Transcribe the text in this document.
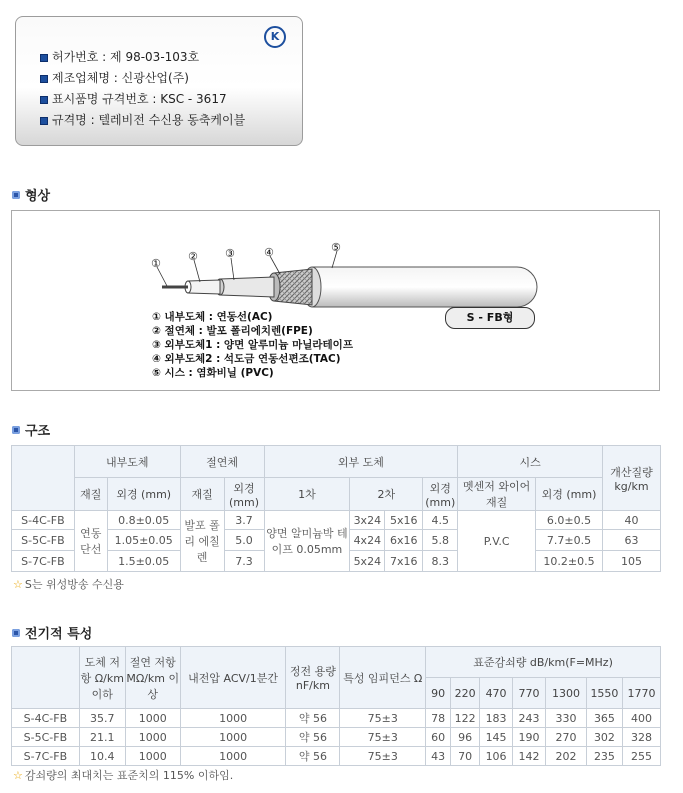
K
허가번호 : 제 98-03-103호
제조업체명 : 신광산업(주)
표시품명 규격번호 : KSC - 3617
규격명 : 텔레비전 수신용 동축케이블
형상
①
② ③	④	⑤
① 내부도체 : 연동선(AC)
② 절연체 : 발포 폴리에치렌(FPE)
③ 외부도체1 : 양면 알루미늄 마닐라테이프
④ 외부도체2 : 석도금 연동선편조(TAC)
⑤ 시스 : 염화비닐 (PVC)
S - FB형
구조
	내부도체		절연체		외부 도체				시스		개산질량 kg/km
	재질	외경 (mm)	재질	외경 (mm)	1차	2차		외경 (mm)	멧센저 와이어재질	외경 (mm)	
S-4C-FB	연동 단선	0.8±0.05	발포 폴리 에칠렌	3.7	양면 알미늄박 테이프 0.05mm	3x24	5x16	4.5	P.V.C	6.0±0.5	40
S-5C-FB		1.05±0.05		5.0		4x24	6x16	5.8		7.7±0.5	63
S-7C-FB		1.5±0.05		7.3		5x24	7x16	8.3		10.2±0.5	105
☆ S는 위성방송 수신용
전기적 특성
	도체 저항 Ω/km 이하	절연 저항 MΩ/km 이상	내전압 ACV/1분간	정전 용량 nF/km	특성 임피던스 Ω	표준감쇠량 dB/km(F=MHz)						
						90	220	470	770	1300	1550	1770
S-4C-FB	35.7	1000	1000	약 56	75±3	78	122	183	243	330	365	400
S-5C-FB	21.1	1000	1000	약 56	75±3	60	96	145	190	270	302	328
S-7C-FB	10.4	1000	1000	약 56	75±3	43	70	106	142	202	235	255
☆ 감쇠량의 최대치는 표준치의 115% 이하임.
